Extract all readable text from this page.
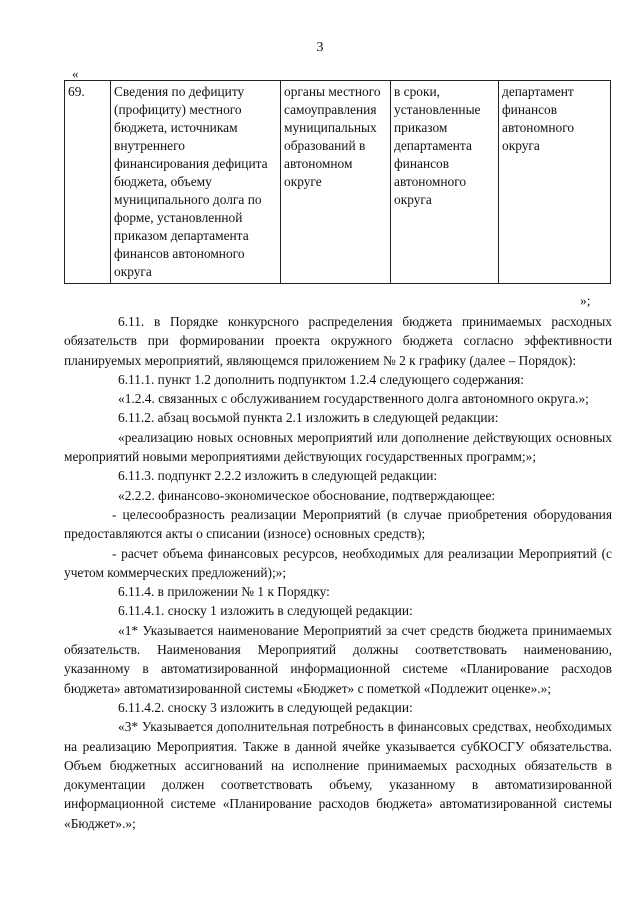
3
«
69.	Сведения по дефициту (профициту) местного бюджета, источникам внутреннего финансирования дефицита бюджета, объему муниципального долга по форме, установленной приказом департамента финансов автономного округа	органы местного самоуправления муниципальных образований в автономном округе	в сроки, установленные приказом департамента финансов автономного округа	департамент финансов автономного округа
»;

6.11. в Порядке конкурсного распределения бюджета принимаемых расходных обязательств при формировании проекта окружного бюджета согласно эффективности планируемых мероприятий, являющемся приложением № 2 к графику (далее – Порядок):

6.11.1. пункт 1.2 дополнить подпунктом 1.2.4 следующего содержания:

«1.2.4. связанных с обслуживанием государственного долга автономного округа.»;

6.11.2. абзац восьмой пункта 2.1 изложить в следующей редакции:

«реализацию новых основных мероприятий или дополнение действующих основных мероприятий новыми мероприятиями действующих государственных программ;»;

6.11.3. подпункт 2.2.2 изложить в следующей редакции:

«2.2.2. финансово-экономическое обоснование, подтверждающее:

- целесообразность реализации Мероприятий (в случае приобретения оборудования предоставляются акты о списании (износе) основных средств);

- расчет объема финансовых ресурсов, необходимых для реализации Мероприятий (с учетом коммерческих предложений);»;

6.11.4. в приложении № 1 к Порядку:

6.11.4.1. сноску 1 изложить в следующей редакции:

«1* Указывается наименование Мероприятий за счет средств бюджета принимаемых обязательств. Наименования Мероприятий должны соответствовать наименованию, указанному в автоматизированной информационной системе «Планирование расходов бюджета» автоматизированной системы «Бюджет» с пометкой «Подлежит оценке».»;

6.11.4.2. сноску 3 изложить в следующей редакции:

«3* Указывается дополнительная потребность в финансовых средствах, необходимых на реализацию Мероприятия. Также в данной ячейке указывается субКОСГУ обязательства. Объем бюджетных ассигнований на исполнение принимаемых расходных обязательств в документации должен соответствовать объему, указанному в автоматизированной информационной системе «Планирование расходов бюджета» автоматизированной системы «Бюджет».»;
